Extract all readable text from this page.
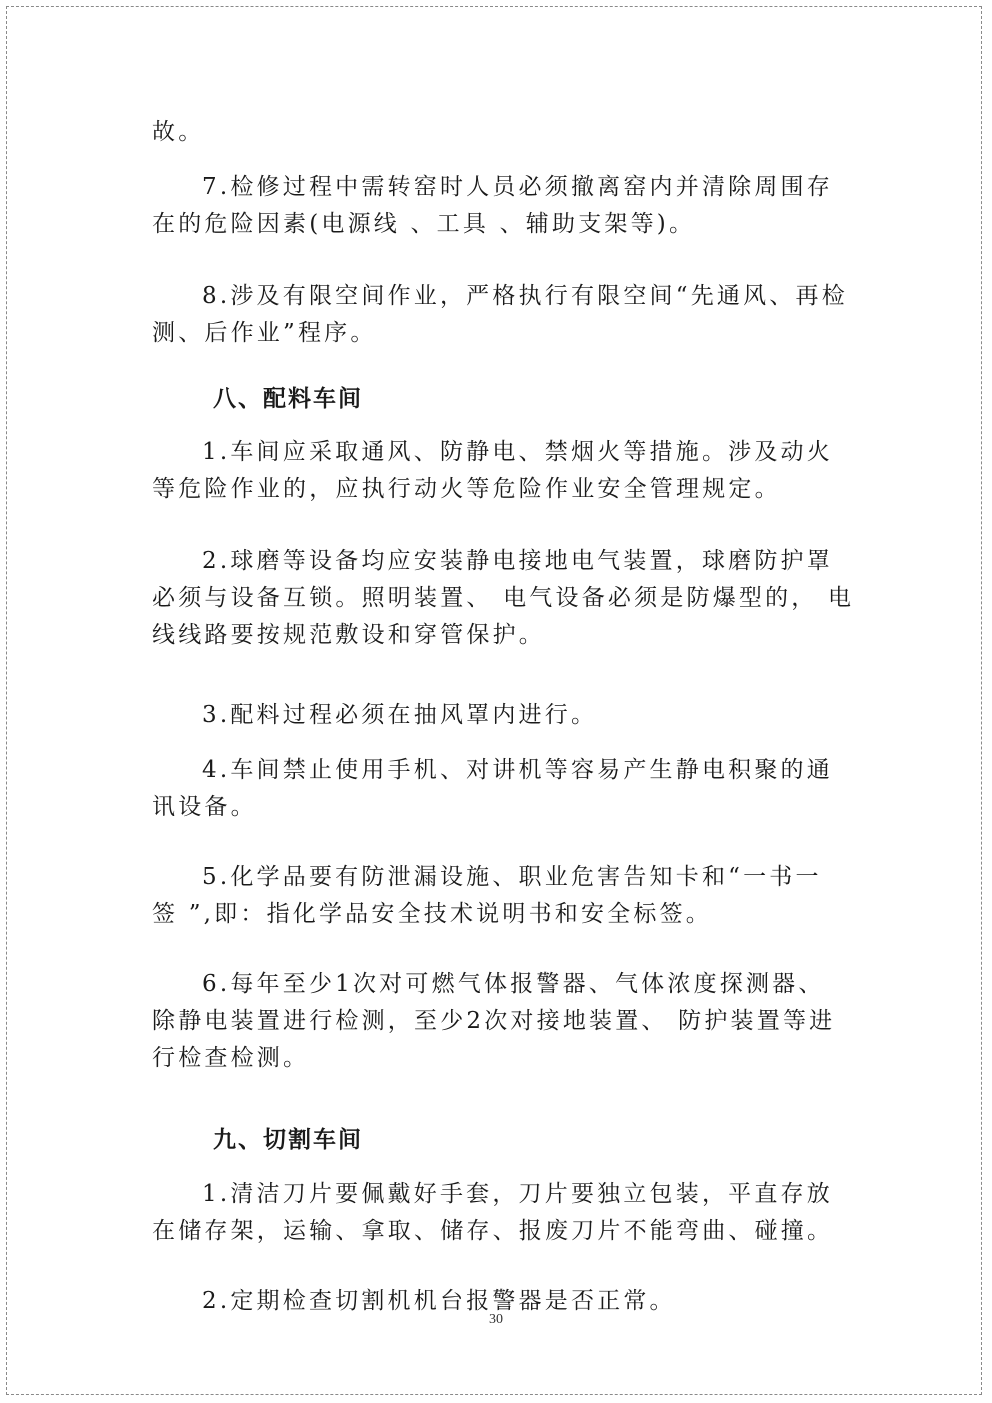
故。

7.检修过程中需转窑时人员必须撤离窑内并清除周围存
在的危险因素(电源线 、工具 、辅助支架等)。

8.涉及有限空间作业，严格执行有限空间“先通风、再检
测、后作业”程序。

八、配料车间

1.车间应采取通风、防静电、禁烟火等措施。涉及动火
等危险作业的，应执行动火等危险作业安全管理规定。

2.球磨等设备均应安装静电接地电气装置，球磨防护罩
必须与设备互锁。照明装置、 电气设备必须是防爆型的， 电
线线路要按规范敷设和穿管保护。

3.配料过程必须在抽风罩内进行。

4.车间禁止使用手机、对讲机等容易产生静电积聚的通
讯设备。

5.化学品要有防泄漏设施、职业危害告知卡和“一书一
签 ”,即：指化学品安全技术说明书和安全标签。

6.每年至少1次对可燃气体报警器、气体浓度探测器、
除静电装置进行检测，至少2次对接地装置、 防护装置等进
行检查检测。

九、切割车间

1.清洁刀片要佩戴好手套，刀片要独立包装，平直存放
在储存架，运输、拿取、储存、报废刀片不能弯曲、碰撞。

2.定期检查切割机机台报警器是否正常。

30
